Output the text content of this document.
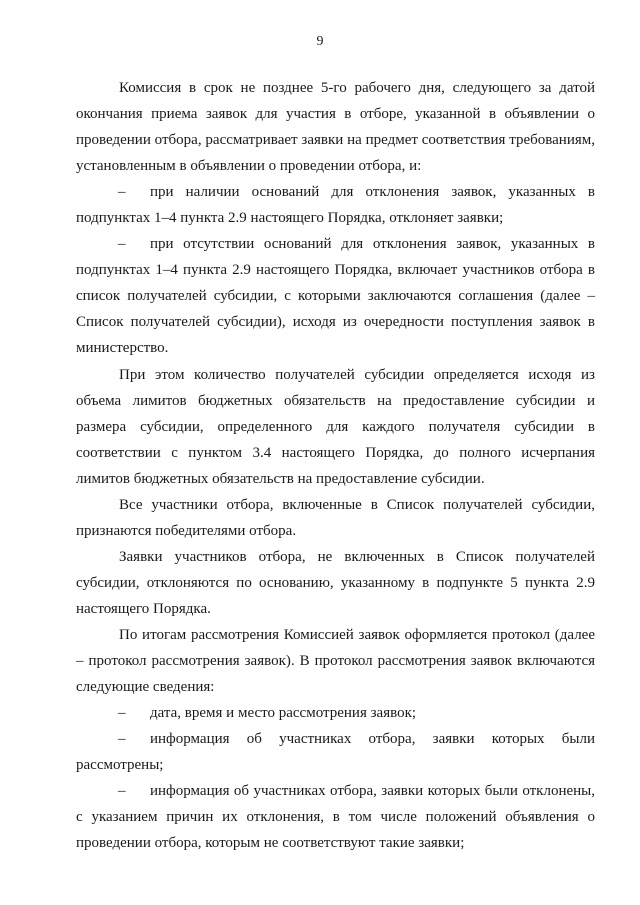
9

Комиссия в срок не позднее 5-го рабочего дня, следующего за датой окончания приема заявок для участия в отборе, указанной в объявлении о проведении отбора, рассматривает заявки на предмет соответствия требованиям, установленным в объявлении о проведении отбора, и:

– при наличии оснований для отклонения заявок, указанных в подпунктах 1–4 пункта 2.9 настоящего Порядка, отклоняет заявки;

– при отсутствии оснований для отклонения заявок, указанных в подпунктах 1–4 пункта 2.9 настоящего Порядка, включает участников отбора в список получателей субсидии, с которыми заключаются соглашения (далее – Список получателей субсидии), исходя из очередности поступления заявок в министерство.

При этом количество получателей субсидии определяется исходя из объема лимитов бюджетных обязательств на предоставление субсидии и размера субсидии, определенного для каждого получателя субсидии в соответствии с пунктом 3.4 настоящего Порядка, до полного исчерпания лимитов бюджетных обязательств на предоставление субсидии.

Все участники отбора, включенные в Список получателей субсидии, признаются победителями отбора.

Заявки участников отбора, не включенных в Список получателей субсидии, отклоняются по основанию, указанному в подпункте 5 пункта 2.9 настоящего Порядка.

По итогам рассмотрения Комиссией заявок оформляется протокол (далее – протокол рассмотрения заявок). В протокол рассмотрения заявок включаются следующие сведения:

– дата, время и место рассмотрения заявок;

– информация об участниках отбора, заявки которых были рассмотрены;

– информация об участниках отбора, заявки которых были отклонены, с указанием причин их отклонения, в том числе положений объявления о проведении отбора, которым не соответствуют такие заявки;
